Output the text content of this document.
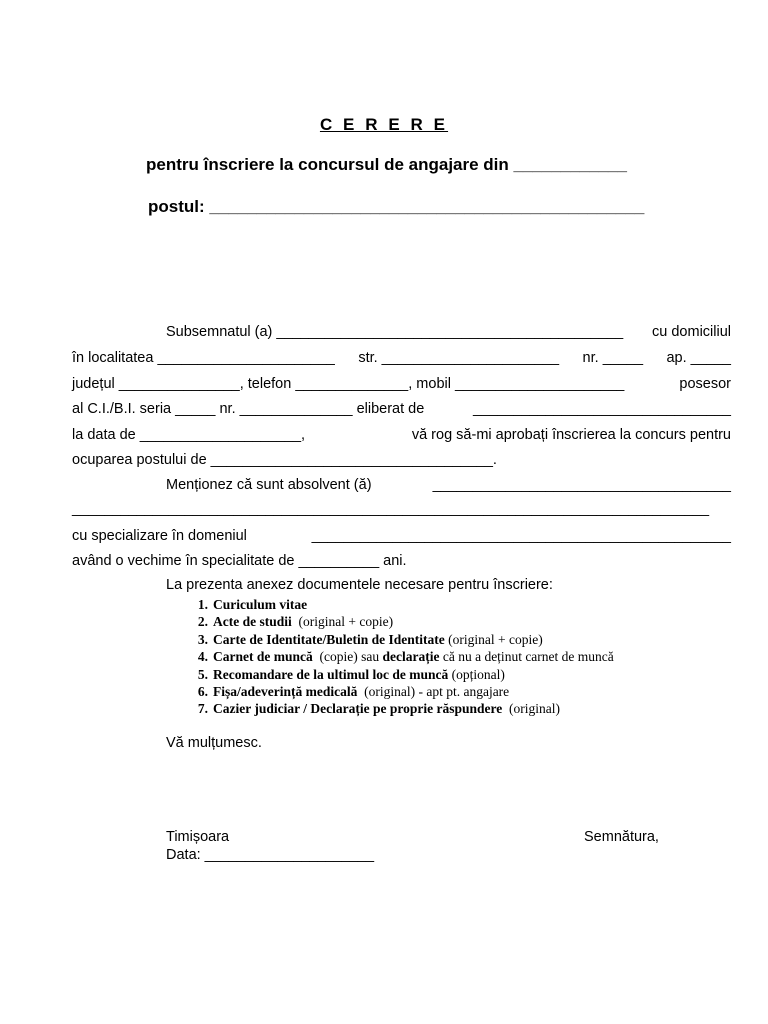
C E R E R E
pentru înscriere la concursul de angajare din ____________
postul: ______________________________________________
Subsemnatul (a) ___________________________________________ cu domiciliul
în localitatea ______________________ str. ______________________ nr. _____ ap. _____
județul _______________, telefon ______________, mobil _____________________	posesor
al C.I./B.I. seria _____ nr. ______________ eliberat de	________________________________
la data de ____________________,	vă rog să-mi aprobați înscrierea la concurs pentru
ocuparea postului de ___________________________________.
Menționez că sunt absolvent (ă)	_____________________________________
_______________________________________________________________________________
cu specializare în domeniul	____________________________________________________
având o vechime în specialitate de __________ ani.
La prezenta anexez documentele necesare pentru înscriere:
1. Curiculum vitae
2. Acte de studii  (original + copie)
3. Carte de Identitate/Buletin de Identitate (original + copie)
4. Carnet de muncă  (copie) sau declarație că nu a deținut carnet de muncă
5. Recomandare de la ultimul loc de muncă (opțional)
6. Fișa/adeverință medicală  (original) - apt pt. angajare
7. Cazier judiciar / Declarație pe proprie răspundere  (original)
Vă mulțumesc.
Timișoara
Data: _____________________
Semnătura,
